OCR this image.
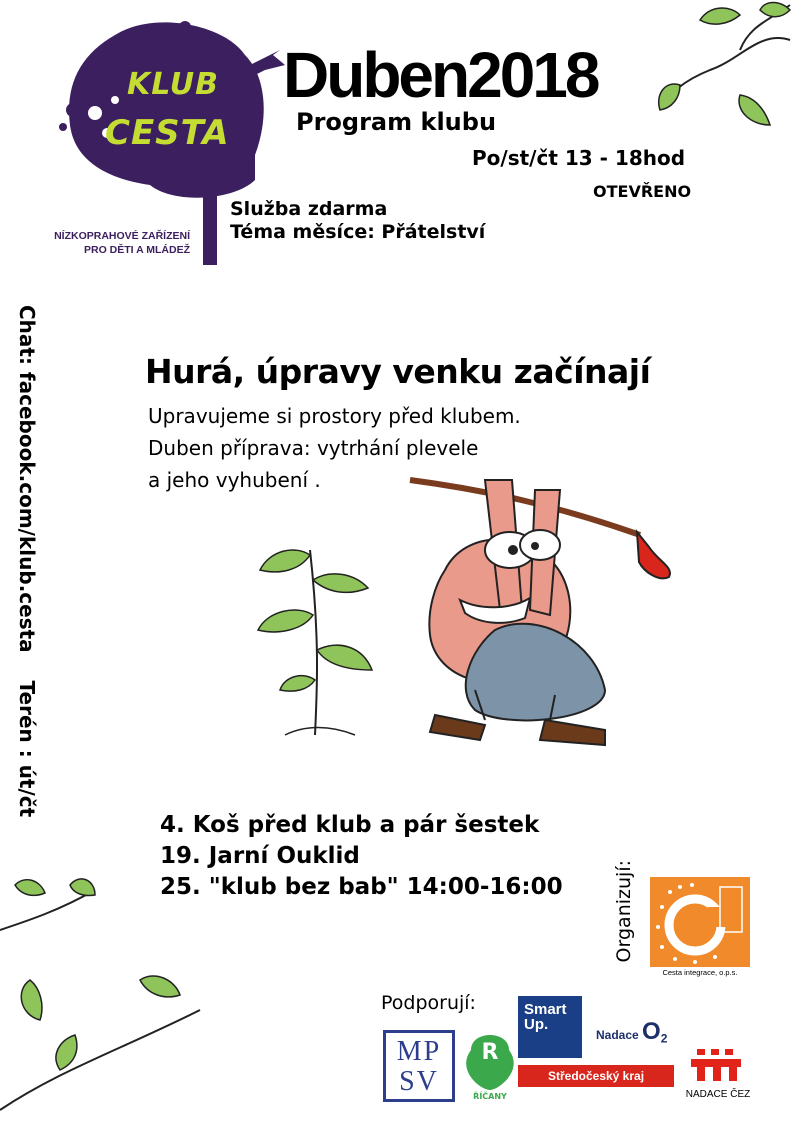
KLUB
CESTA
NÍZKOPRAHOVÉ ZAŘÍZENÍ
PRO DĚTI A MLÁDEŽ
Duben2018
Program klubu
Po/st/čt 13 - 18hod
OTEVŘENO
Služba zdarma
Téma měsíce: Přátelství
Chat: facebook.com/klub.cesta    Terén : út/čt	Hurá, úpravy venku začínají
Upravujeme si prostory před klubem.
Duben příprava: vytrhání plevele
a jeho vyhubení .
4. Koš před klub a pár šestek
19. Jarní Ouklid
25. "klub bez bab" 14:00-16:00	Organizují:
Cesta integrace, o.p.s.
Podporují:
MPSV
R
ŘÍČANY
Smart
Up.
Nadace O2
Středočeský kraj
NADACE ČEZ
